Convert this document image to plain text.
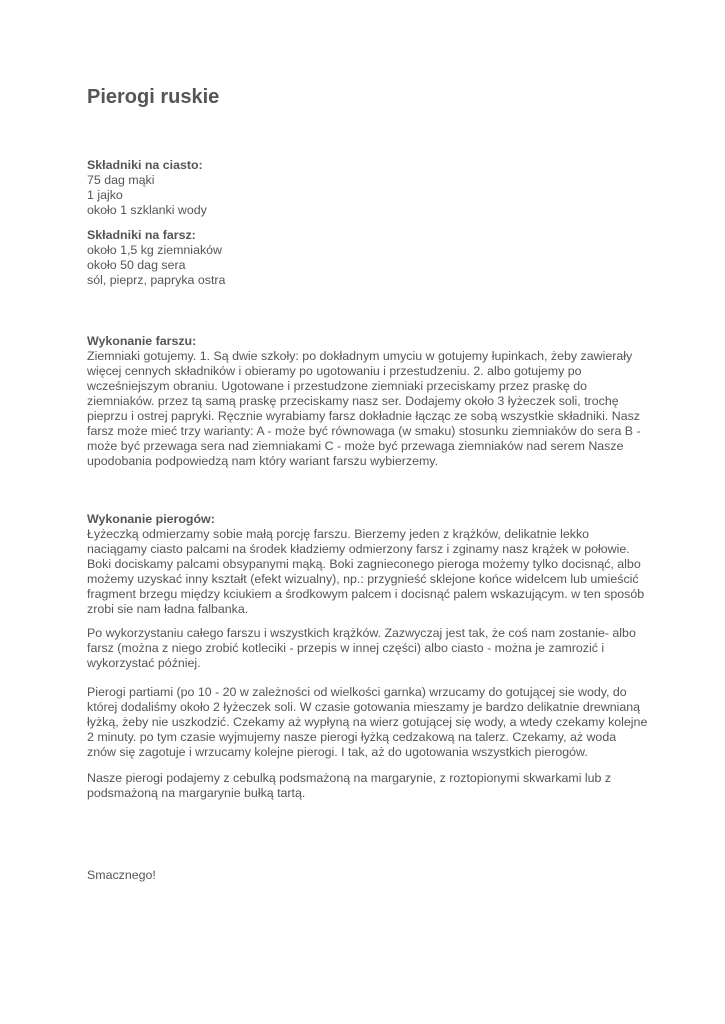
Pierogi ruskie
Składniki na ciasto:
75 dag mąki
1 jajko
około 1 szklanki wody
Składniki na farsz:
około 1,5 kg ziemniaków
około 50 dag sera
sól, pieprz, papryka ostra
Wykonanie farszu:
Ziemniaki gotujemy. 1. Są dwie szkoły: po dokładnym umyciu w gotujemy łupinkach, żeby zawierały
więcej cennych składników i obieramy po ugotowaniu i przestudzeniu. 2. albo gotujemy po
wcześniejszym obraniu. Ugotowane i przestudzone ziemniaki przeciskamy przez praskę do
ziemniaków. przez tą samą praskę przeciskamy nasz ser. Dodajemy około 3 łyżeczek soli, trochę
pieprzu i ostrej papryki. Ręcznie wyrabiamy farsz dokładnie łącząc ze sobą wszystkie składniki. Nasz
farsz może mieć trzy warianty: A - może być równowaga (w smaku) stosunku ziemniaków do sera B -
może być przewaga sera nad ziemniakami C - może być przewaga ziemniaków nad serem Nasze
upodobania podpowiedzą nam który wariant farszu wybierzemy.
Wykonanie pierogów:
Łyżeczką odmierzamy sobie małą porcję farszu. Bierzemy jeden z krążków, delikatnie lekko
naciągamy ciasto palcami na środek kładziemy odmierzony farsz i zginamy nasz krążek w połowie.
Boki dociskamy palcami obsypanymi mąką. Boki zagnieconego pieroga możemy tylko docisnąć, albo
możemy uzyskać inny kształt (efekt wizualny), np.: przygnieść sklejone końce widelcem lub umieścić
fragment brzegu między kciukiem a środkowym palcem i docisnąć palem wskazującym. w ten sposób
zrobi sie nam ładna falbanka.
Po wykorzystaniu całego farszu i wszystkich krążków. Zazwyczaj jest tak, że coś nam zostanie- albo
farsz (można z niego zrobić kotleciki - przepis w innej części) albo ciasto - można je zamrozić i
wykorzystać później.
Pierogi partiami (po 10 - 20 w zależności od wielkości garnka) wrzucamy do gotującej sie wody, do
której dodaliśmy około 2 łyżeczek soli. W czasie gotowania mieszamy je bardzo delikatnie drewnianą
łyżką, żeby nie uszkodzić. Czekamy aż wypłyną na wierz gotującej się wody, a wtedy czekamy kolejne
2 minuty. po tym czasie wyjmujemy nasze pierogi łyżką cedzakową na talerz. Czekamy, aż woda
znów się zagotuje i wrzucamy kolejne pierogi. I tak, aż do ugotowania wszystkich pierogów.
Nasze pierogi podajemy z cebulką podsmażoną na margarynie, z roztopionymi skwarkami lub z
podsmażoną na margarynie bułką tartą.
Smacznego!
